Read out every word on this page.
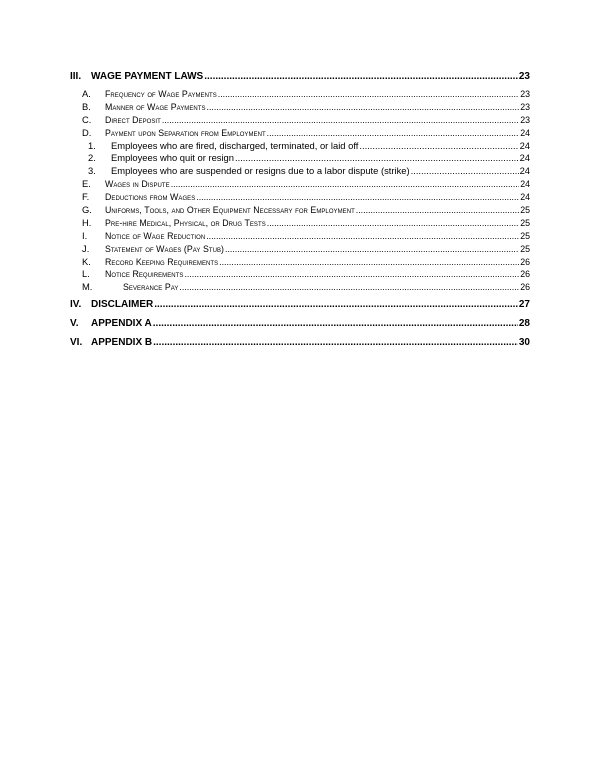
III. WAGE PAYMENT LAWS .....	23
A.	Frequency of Wage Payments .....	23
B.	Manner of Wage Payments .....	23
C.	Direct Deposit .....	23
D.	Payment upon Separation from Employment .....	24
1.	Employees who are fired, discharged, terminated, or laid off .....	24
2.	Employees who quit or resign .....	24
3.	Employees who are suspended or resigns due to a labor dispute (strike) .....	24
E.	Wages in Dispute .....	24
F.	Deductions from Wages .....	24
G.	Uniforms, Tools, and Other Equipment Necessary for Employment .....	25
H.	Pre-hire Medical, Physical, or Drug Tests .....	25
I.	Notice of Wage Reduction .....	25
J.	Statement of Wages (Pay Stub) .....	25
K.	Record Keeping Requirements .....	26
L.	Notice Requirements .....	26
M.	Severance Pay .....	26
IV. DISCLAIMER .....	27
V.	APPENDIX A .....	28
VI. APPENDIX B .....	30
